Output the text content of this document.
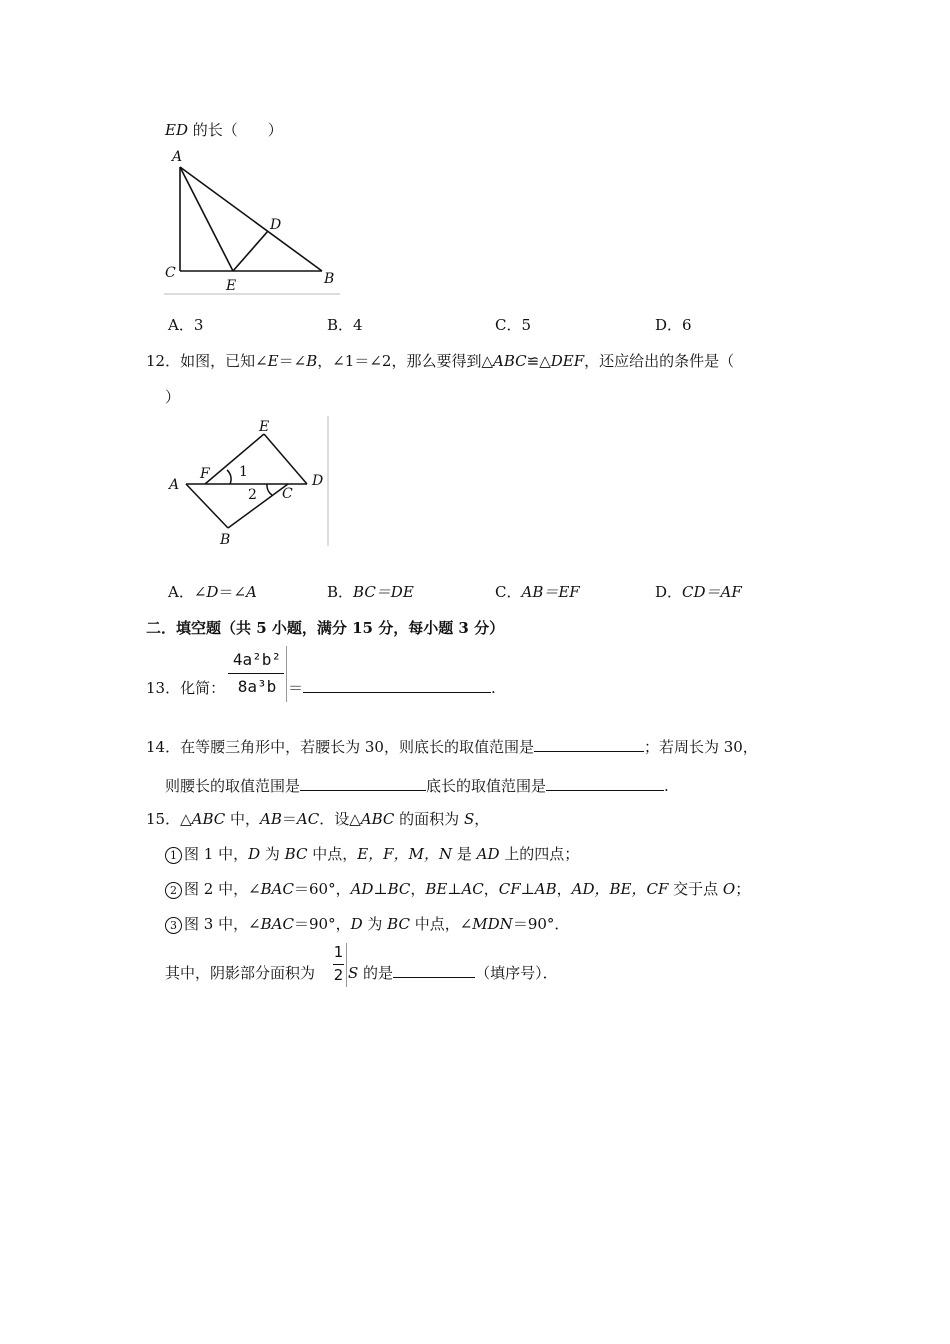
ED 的长（　　）
A
C
E
D
B
A．3	B．4	C．5	D．6
12．如图，已知∠E＝∠B，∠1＝∠2，那么要得到△ABC≌△DEF，还应给出的条件是（
）
E
A
F 1
2 C
D
B
A．∠D＝∠A	B．BC＝DE	C．AB＝EF	D．CD＝AF
二．填空题（共 5 小题，满分 15 分，每小题 3 分）
13．化简：
4a²b²
8a³b ＝	.
14．在等腰三角形中，若腰长为 30，则底长的取值范围是	；若周长为 30，
则腰长的取值范围是	底长的取值范围是	.
15．△ABC 中，AB＝AC．设△ABC 的面积为 S，
1 图 1 中，D 为 BC 中点，E，F，M，N 是 AD 上的四点；
2 图 2 中，∠BAC＝60°，AD⊥BC，BE⊥AC，CF⊥AB，AD，BE，CF 交于点 O；
3 图 3 中，∠BAC＝90°，D 为 BC 中点，∠MDN＝90°．
其中，阴影部分面积为
1
2 S 的是	（填序号）．
